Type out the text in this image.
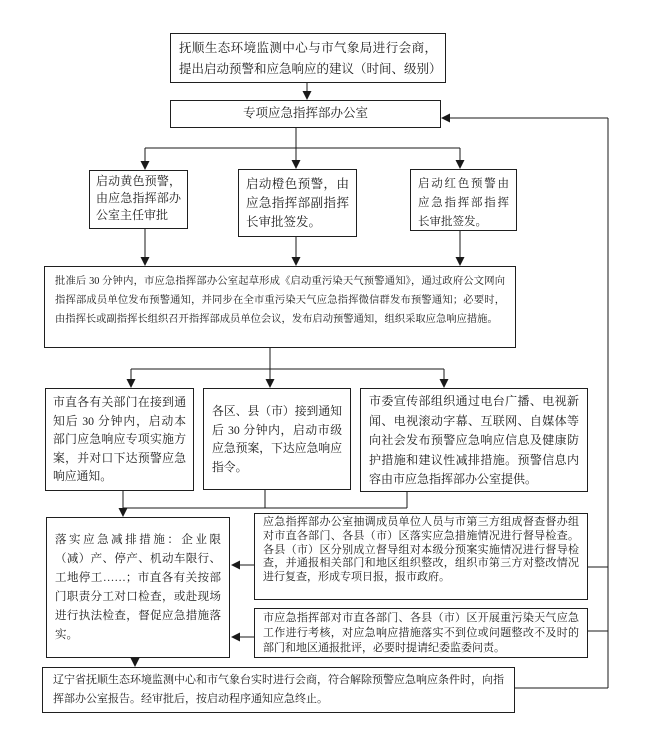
抚顺生态环境监测中心与市气象局进行会商，提出启动预警和应急响应的建议（时间、级别）
专项应急指挥部办公室
启动黄色预警，由应急指挥部办公室主任审批
启动橙色预警，由应急指挥部副指挥长审批签发。
启动红色预警由应急指挥部指挥长审批签发。
批准后 30 分钟内，市应急指挥部办公室起草形成《启动重污染天气预警通知》，通过政府公文网向指挥部成员单位发布预警通知，并同步在全市重污染天气应急指挥微信群发布预警通知；必要时，由指挥长或副指挥长组织召开指挥部成员单位会议，发布启动预警通知，组织采取应急响应措施。
市直各有关部门在接到通知后 30 分钟内，启动本部门应急响应专项实施方案，并对口下达预警应急响应通知。
各区、县（市）接到通知后 30 分钟内，启动市级应急预案，下达应急响应指令。
市委宣传部组织通过电台广播、电视新闻、电视滚动字幕、互联网、自媒体等向社会发布预警应急响应信息及健康防护措施和建议性减排措施。预警信息内容由市应急指挥部办公室提供。
落实应急减排措施：企业限（减）产、停产、机动车限行、工地停工……；市直各有关按部门职责分工对口检查，或赴现场进行执法检查，督促应急措施落实。
应急指挥部办公室抽调成员单位人员与市第三方组成督查督办组对市直各部门、各县（市）区落实应急措施情况进行督导检查。各县（市）区分别成立督导组对本级分预案实施情况进行督导检查，并通报相关部门和地区组织整改，组织市第三方对整改情况进行复查，形成专项日报，报市政府。
市应急指挥部对市直各部门、各县（市）区开展重污染天气应急工作进行考核，对应急响应措施落实不到位或问题整改不及时的部门和地区通报批评，必要时提请纪委监委问责。
辽宁省抚顺生态环境监测中心和市气象台实时进行会商，符合解除预警应急响应条件时，向指挥部办公室报告。经审批后，按启动程序通知应急终止。
